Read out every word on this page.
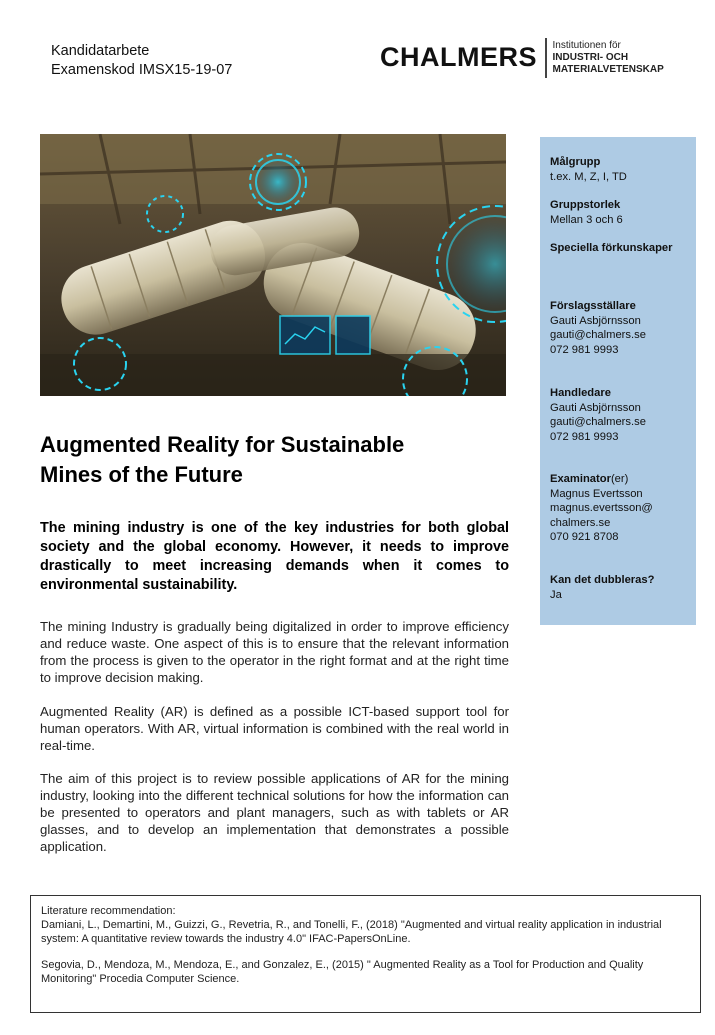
Kandidatarbete
Examenskod IMSX15-19-07	CHALMERS Institutionen för
INDUSTRI- OCH
MATERIALVETENSKAP
Augmented Reality for Sustainable
Mines of the Future
The mining industry is one of the key industries for both global society and the global economy. However, it needs to improve drastically to meet increasing demands when it comes to environmental sustainability.
The mining Industry is gradually being digitalized in order to improve efficiency and reduce waste. One aspect of this is to ensure that the relevant information from the process is given to the operator in the right format and at the right time to improve decision making.
Augmented Reality (AR) is defined as a possible ICT-based support tool for human operators. With AR, virtual information is combined with the real world in real-time.
The aim of this project is to review possible applications of AR for the mining industry, looking into the different technical solutions for how the information can be presented to operators and plant managers, such as with tablets or AR glasses, and to develop an implementation that demonstrates a possible application.
Målgrupp
t.ex. M, Z, I, TD
Gruppstorlek
Mellan 3 och 6
Speciella förkunskaper
Förslagsställare
Gauti Asbjörnsson
gauti@chalmers.se
072 981 9993
Handledare
Gauti Asbjörnsson
gauti@chalmers.se
072 981 9993
Examinator(er)
Magnus Evertsson
magnus.evertsson@
chalmers.se
070 921 8708
Kan det dubbleras?
Ja
Literature recommendation:
Damiani, L., Demartini, M., Guizzi, G., Revetria, R., and Tonelli, F., (2018) "Augmented and virtual reality application in industrial system: A quantitative review towards the industry 4.0" IFAC-PapersOnLine.
Segovia, D., Mendoza, M., Mendoza, E., and Gonzalez, E., (2015) " Augmented Reality as a Tool for Production and Quality Monitoring" Procedia Computer Science.
